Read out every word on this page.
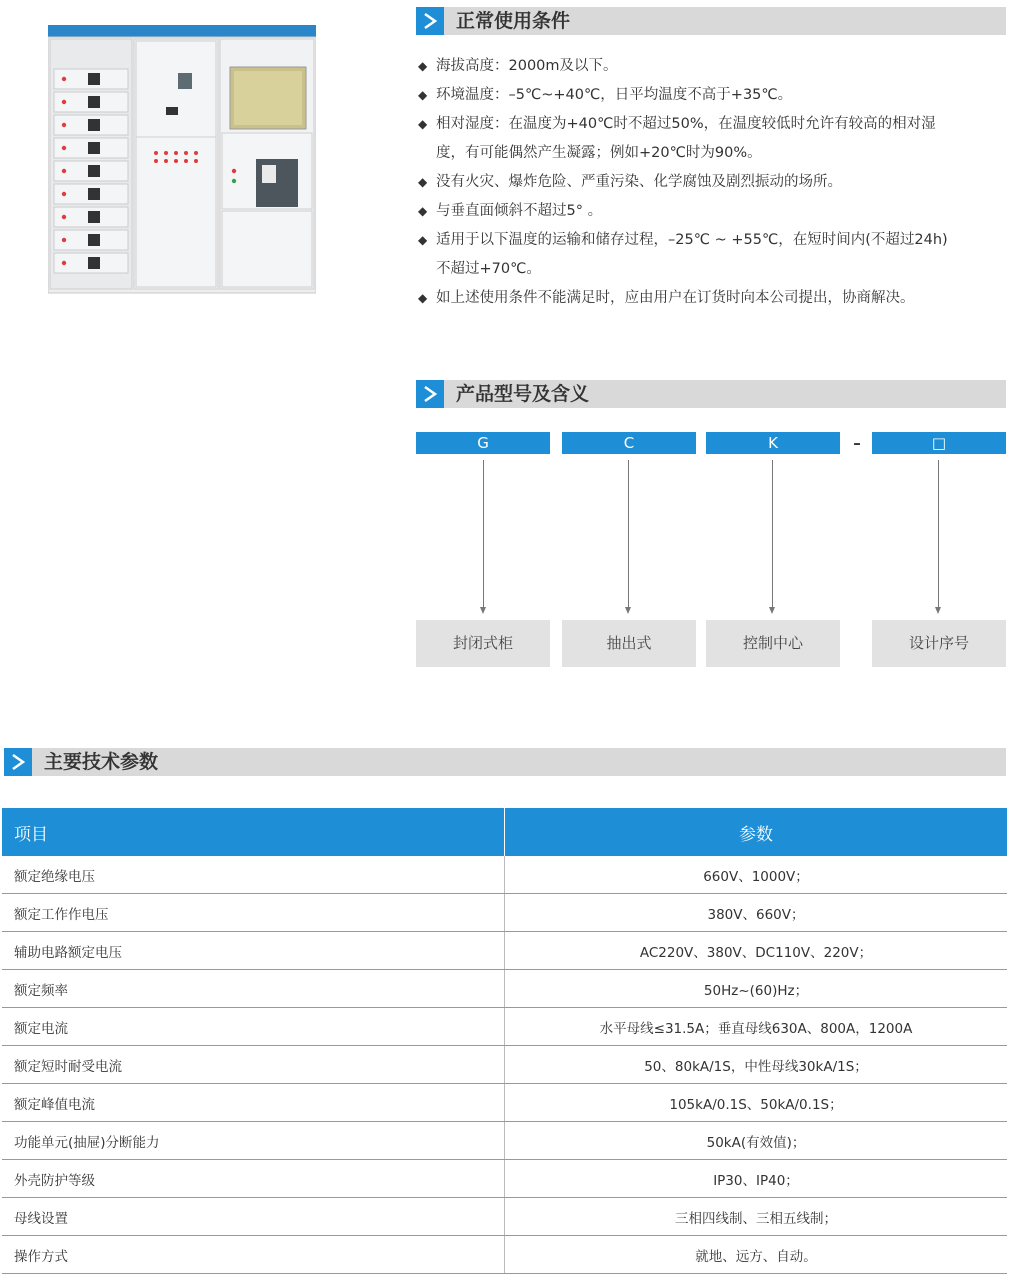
正常使用条件
◆ 海拔高度：2000m及以下。
◆ 环境温度：–5℃~+40℃，日平均温度不高于+35℃。
◆ 相对湿度：在温度为+40℃时不超过50%，在温度较低时允许有较高的相对湿
度，有可能偶然产生凝露；例如+20℃时为90%。
◆ 没有火灾、爆炸危险、严重污染、化学腐蚀及剧烈振动的场所。
◆ 与垂直面倾斜不超过5° 。
◆ 适用于以下温度的运输和储存过程，–25℃ ~ +55℃，在短时间内(不超过24h)
不超过+70℃。
◆ 如上述使用条件不能满足时，应由用户在订货时向本公司提出，协商解决。
产品型号及含义
G	C	K	–	□
封闭式柜	抽出式	控制中心	设计序号
主要技术参数
项目	参数
额定绝缘电压	660V、1000V；
额定工作作电压	380V、660V；
辅助电路额定电压	AC220V、380V、DC110V、220V；
额定频率	50Hz~(60)Hz；
额定电流	水平母线≤31.5A；垂直母线630A、800A，1200A
额定短时耐受电流	50、80kA/1S，中性母线30kA/1S；
额定峰值电流	105kA/0.1S、50kA/0.1S；
功能单元(抽屉)分断能力	50kA(有效值)；
外壳防护等级	IP30、IP40；
母线设置	三相四线制、三相五线制；
操作方式	就地、远方、自动。
